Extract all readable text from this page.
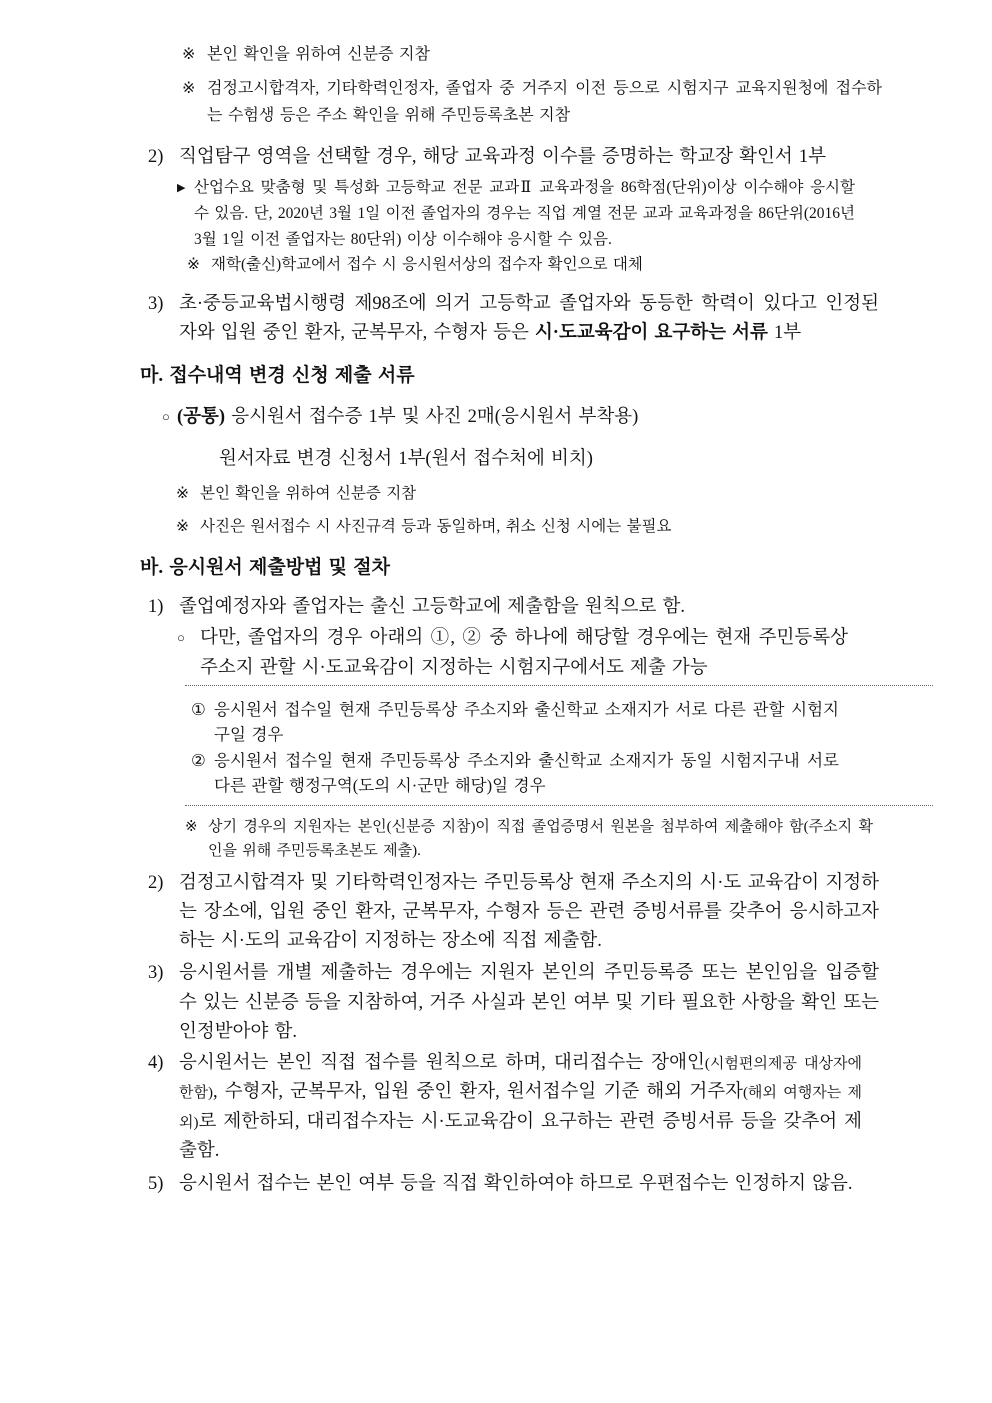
※ 본인 확인을 위하여 신분증 지참
※ 검정고시합격자, 기타학력인정자, 졸업자 중 거주지 이전 등으로 시험지구 교육지원청에 접수하는 수험생 등은 주소 확인을 위해 주민등록초본 지참
2) 직업탐구 영역을 선택할 경우, 해당 교육과정 이수를 증명하는 학교장 확인서 1부
▶ 산업수요 맞춤형 및 특성화 고등학교 전문 교과Ⅱ 교육과정을 86학점(단위)이상 이수해야 응시할 수 있음. 단, 2020년 3월 1일 이전 졸업자의 경우는 직업 계열 전문 교과 교육과정을 86단위(2016년 3월 1일 이전 졸업자는 80단위) 이상 이수해야 응시할 수 있음.
※ 재학(출신)학교에서 접수 시 응시원서상의 접수자 확인으로 대체
3) 초·중등교육법시행령 제98조에 의거 고등학교 졸업자와 동등한 학력이 있다고 인정된 자와 입원 중인 환자, 군복무자, 수형자 등은 시·도교육감이 요구하는 서류 1부
마. 접수내역 변경 신청 제출 서류
○ (공통) 응시원서 접수증 1부 및 사진 2매(응시원서 부착용)
원서자료 변경 신청서 1부(원서 접수처에 비치)
※ 본인 확인을 위하여 신분증 지참
※ 사진은 원서접수 시 사진규격 등과 동일하며, 취소 신청 시에는 불필요
바. 응시원서 제출방법 및 절차
1) 졸업예정자와 졸업자는 출신 고등학교에 제출함을 원칙으로 함.
○ 다만, 졸업자의 경우 아래의 ①, ② 중 하나에 해당할 경우에는 현재 주민등록상 주소지 관할 시·도교육감이 지정하는 시험지구에서도 제출 가능
① 응시원서 접수일 현재 주민등록상 주소지와 출신학교 소재지가 서로 다른 관할 시험지구일 경우
② 응시원서 접수일 현재 주민등록상 주소지와 출신학교 소재지가 동일 시험지구내 서로 다른 관할 행정구역(도의 시·군만 해당)일 경우
※ 상기 경우의 지원자는 본인(신분증 지참)이 직접 졸업증명서 원본을 첨부하여 제출해야 함(주소지 확인을 위해 주민등록초본도 제출).
2) 검정고시합격자 및 기타학력인정자는 주민등록상 현재 주소지의 시·도 교육감이 지정하는 장소에, 입원 중인 환자, 군복무자, 수형자 등은 관련 증빙서류를 갖추어 응시하고자 하는 시·도의 교육감이 지정하는 장소에 직접 제출함.
3) 응시원서를 개별 제출하는 경우에는 지원자 본인의 주민등록증 또는 본인임을 입증할 수 있는 신분증 등을 지참하여, 거주 사실과 본인 여부 및 기타 필요한 사항을 확인 또는 인정받아야 함.
4) 응시원서는 본인 직접 접수를 원칙으로 하며, 대리접수는 장애인(시험편의제공 대상자에 한함), 수형자, 군복무자, 입원 중인 환자, 원서접수일 기준 해외 거주자(해외 여행자는 제외)로 제한하되, 대리접수자는 시·도교육감이 요구하는 관련 증빙서류 등을 갖추어 제출함.
5) 응시원서 접수는 본인 여부 등을 직접 확인하여야 하므로 우편접수는 인정하지 않음.
